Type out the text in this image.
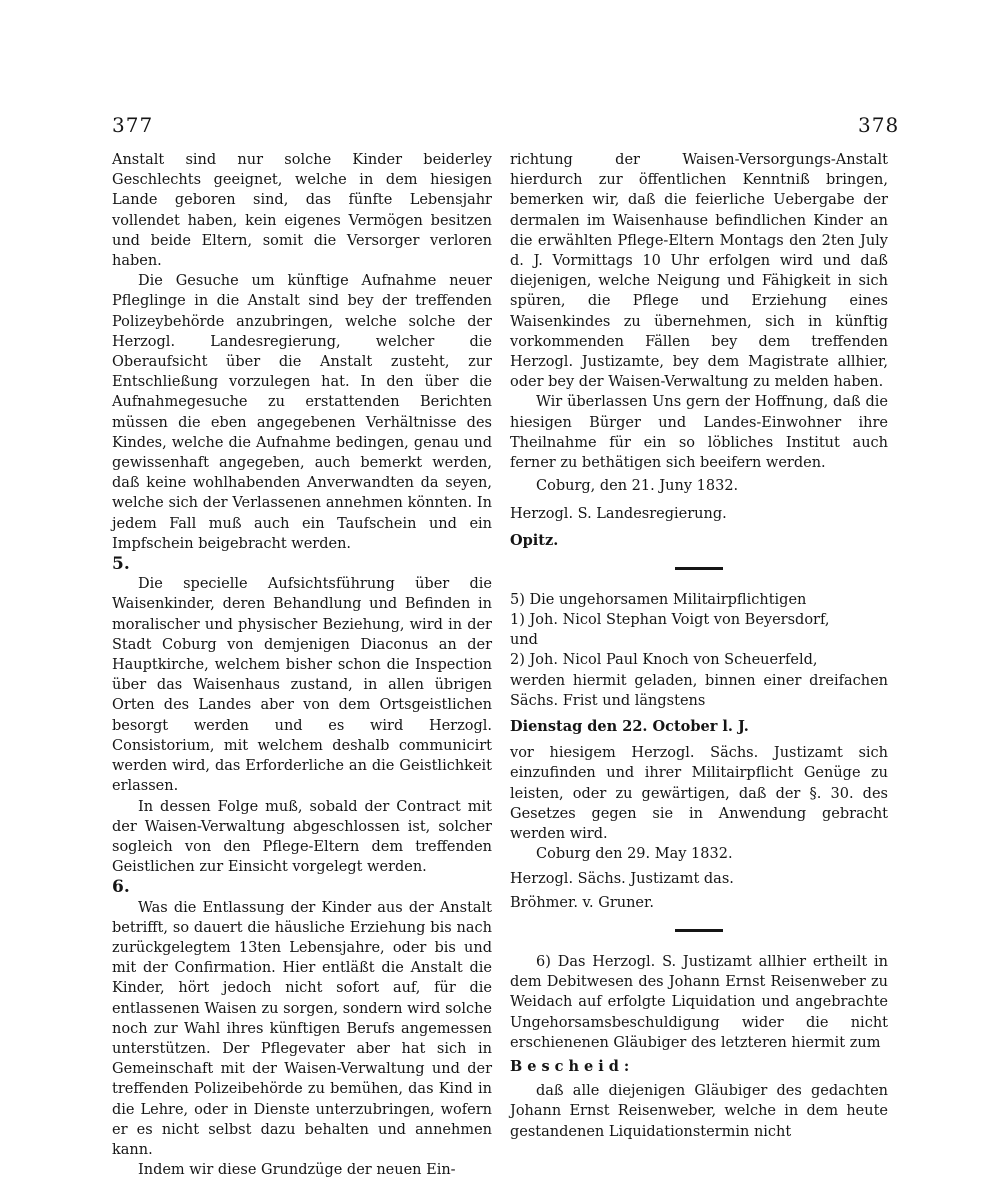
377	378

Anstalt sind nur solche Kinder beiderley Geschlechts geeignet, welche in dem hiesigen Lande geboren sind, das fünfte Lebensjahr vollendet haben, kein eigenes Vermögen besitzen und beide Eltern, somit die Versorger verloren haben.

Die Gesuche um künftige Aufnahme neuer Pfleglinge in die Anstalt sind bey der treffenden Polizeybehörde anzubringen, welche solche der Herzogl. Landesregierung, welcher die Oberaufsicht über die Anstalt zusteht, zur Entschließung vorzulegen hat. In den über die Aufnahmegesuche zu erstattenden Berichten müssen die eben angegebenen Verhältnisse des Kindes, welche die Aufnahme bedingen, genau und gewissenhaft angegeben, auch bemerkt werden, daß keine wohlhabenden Anverwandten da seyen, welche sich der Verlassenen annehmen könnten. In jedem Fall muß auch ein Taufschein und ein Impfschein beigebracht werden.

5.

Die specielle Aufsichtsführung über die Waisenkinder, deren Behandlung und Befinden in moralischer und physischer Beziehung, wird in der Stadt Coburg von demjenigen Diaconus an der Hauptkirche, welchem bisher schon die Inspection über das Waisenhaus zustand, in allen übrigen Orten des Landes aber von dem Ortsgeistlichen besorgt werden und es wird Herzogl. Consistorium, mit welchem deshalb communicirt werden wird, das Erforderliche an die Geistlichkeit erlassen.

In dessen Folge muß, sobald der Contract mit der Waisen-Verwaltung abgeschlossen ist, solcher sogleich von den Pflege-Eltern dem treffenden Geistlichen zur Einsicht vorgelegt werden.

6.

Was die Entlassung der Kinder aus der Anstalt betrifft, so dauert die häusliche Erziehung bis nach zurückgelegtem 13ten Lebensjahre, oder bis und mit der Confirmation. Hier entläßt die Anstalt die Kinder, hört jedoch nicht sofort auf, für die entlassenen Waisen zu sorgen, sondern wird solche noch zur Wahl ihres künftigen Berufs angemessen unterstützen. Der Pflegevater aber hat sich in Gemeinschaft mit der Waisen-Verwaltung und der treffenden Polizeibehörde zu bemühen, das Kind in die Lehre, oder in Dienste unterzubringen, wofern er es nicht selbst dazu behalten und annehmen kann.

Indem wir diese Grundzüge der neuen Ein-

richtung der Waisen-Versorgungs-Anstalt hierdurch zur öffentlichen Kenntniß bringen, bemerken wir, daß die feierliche Uebergabe der dermalen im Waisenhause befindlichen Kinder an die erwählten Pflege-Eltern Montags den 2ten July d. J. Vormittags 10 Uhr erfolgen wird und daß diejenigen, welche Neigung und Fähigkeit in sich spüren, die Pflege und Erziehung eines Waisenkindes zu übernehmen, sich in künftig vorkommenden Fällen bey dem treffenden Herzogl. Justizamte, bey dem Magistrate allhier, oder bey der Waisen-Verwaltung zu melden haben.

Wir überlassen Uns gern der Hoffnung, daß die hiesigen Bürger und Landes-Einwohner ihre Theilnahme für ein so löbliches Institut auch ferner zu bethätigen sich beeifern werden.

Coburg, den 21. Juny 1832.

Herzogl. S. Landesregierung.

Opitz.

5) Die ungehorsamen Militairpflichtigen

1) Joh. Nicol Stephan Voigt von Beyersdorf,

und

2) Joh. Nicol Paul Knoch von Scheuerfeld,

werden hiermit geladen, binnen einer dreifachen Sächs. Frist und längstens

Dienstag den 22. October l. J.

vor hiesigem Herzogl. Sächs. Justizamt sich einzufinden und ihrer Militairpflicht Genüge zu leisten, oder zu gewärtigen, daß der §. 30. des Gesetzes gegen sie in Anwendung gebracht werden wird.

Coburg den 29. May 1832.

Herzogl. Sächs. Justizamt das.

Bröhmer. v. Gruner.

6) Das Herzogl. S. Justizamt allhier ertheilt in dem Debitwesen des Johann Ernst Reisenweber zu Weidach auf erfolgte Liquidation und angebrachte Ungehorsamsbeschuldigung wider die nicht erschienenen Gläubiger des letzteren hiermit zum

Bescheid:

daß alle diejenigen Gläubiger des gedachten Johann Ernst Reisenweber, welche in dem heute gestandenen Liquidationstermin nicht
